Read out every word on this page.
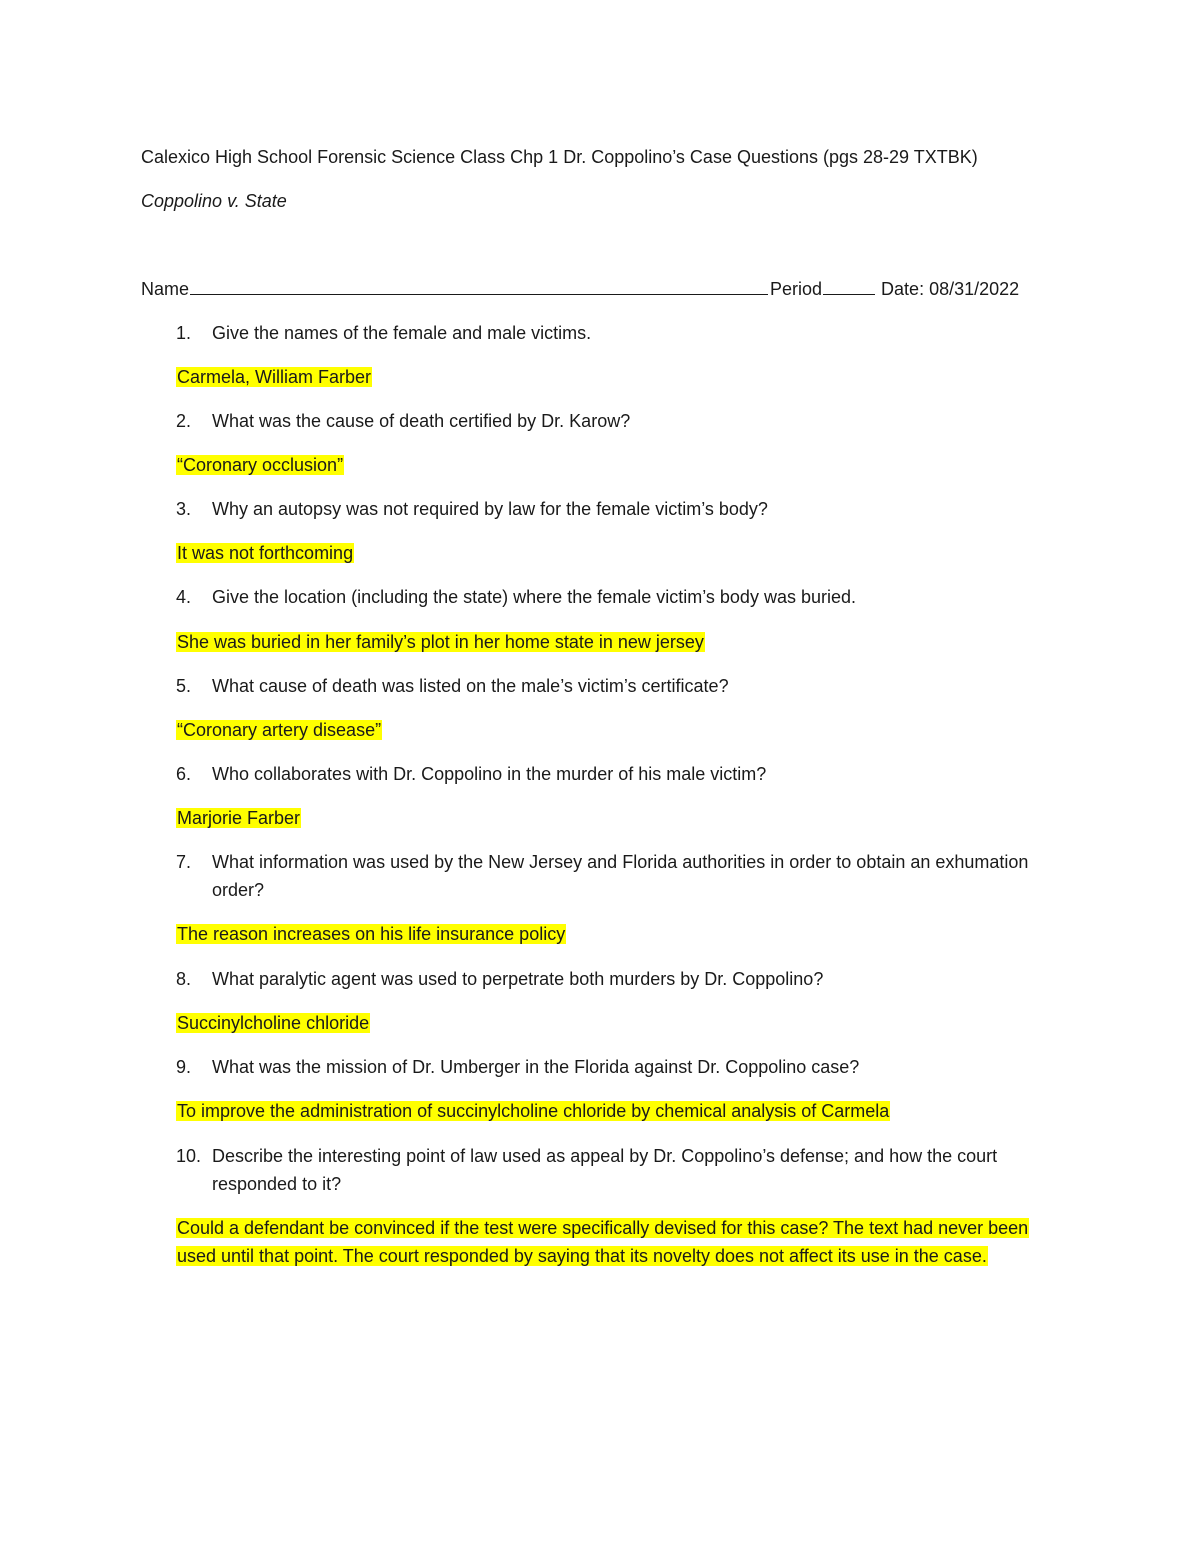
Calexico High School Forensic Science Class Chp 1 Dr. Coppolino’s Case Questions (pgs 28-29 TXTBK)
Coppolino v. State
Name	Period	Date: 08/31/2022
1.	Give the names of the female and male victims.
Carmela, William Farber
2.	What was the cause of death certified by Dr. Karow?
“Coronary occlusion”
3.	Why an autopsy was not required by law for the female victim’s body?
It was not forthcoming
4.	Give the location (including the state) where the female victim’s body was buried.
She was buried in her family’s plot in her home state in new jersey
5.	What cause of death was listed on the male’s victim’s certificate?
“Coronary artery disease”
6.	Who collaborates with Dr. Coppolino in the murder of his male victim?
Marjorie Farber
7.	What information was used by the New Jersey and Florida authorities in order to obtain an exhumation order?
The reason increases on his life insurance policy
8.	What paralytic agent was used to perpetrate both murders by Dr. Coppolino?
Succinylcholine chloride
9.	What was the mission of Dr. Umberger in the Florida against Dr. Coppolino case?
To improve the administration of succinylcholine chloride by chemical analysis of Carmela
10. Describe the interesting point of law used as appeal by Dr. Coppolino’s defense; and how the court responded to it?
Could a defendant be convinced if the test were specifically devised for this case? The text had never been used until that point. The court responded by saying that its novelty does not affect its use in the case.
